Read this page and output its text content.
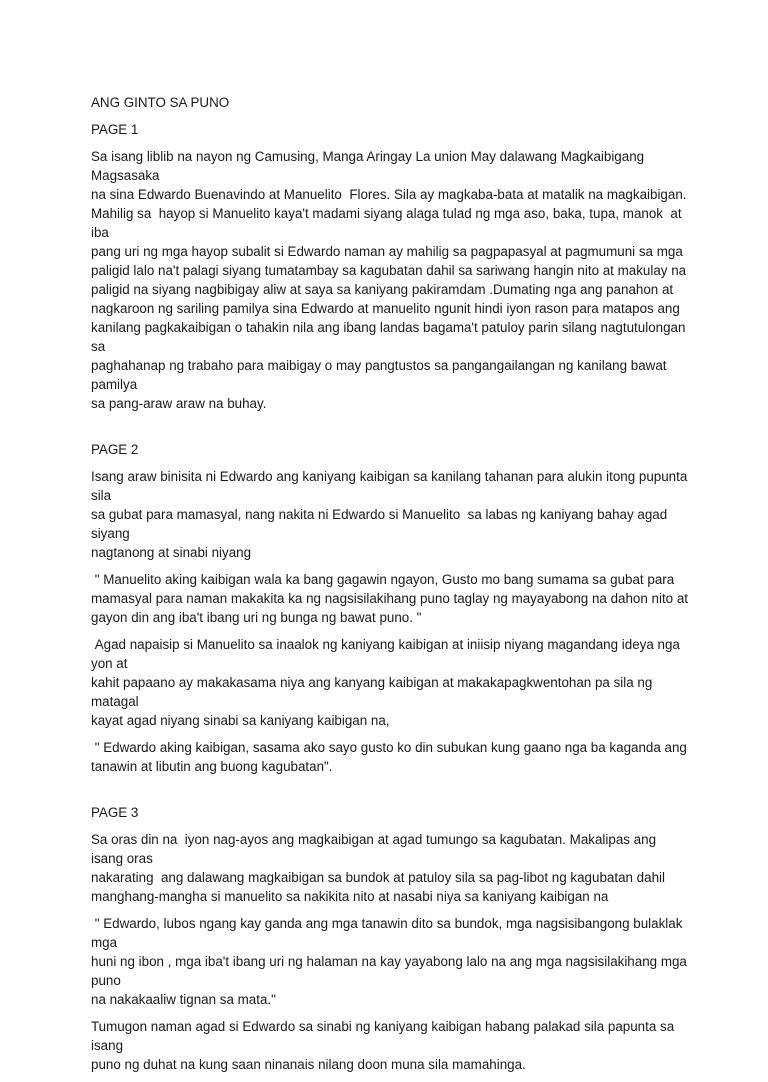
ANG GINTO SA PUNO

PAGE 1

Sa isang liblib na nayon ng Camusing, Manga Aringay La union May dalawang Magkaibigang Magsasaka
na sina Edwardo Buenavindo at Manuelito  Flores. Sila ay magkaba-bata at matalik na magkaibigan.
Mahilig sa  hayop si Manuelito kaya't madami siyang alaga tulad ng mga aso, baka, tupa, manok  at iba
pang uri ng mga hayop subalit si Edwardo naman ay mahilig sa pagpapasyal at pagmumuni sa mga
paligid lalo na't palagi siyang tumatambay sa kagubatan dahil sa sariwang hangin nito at makulay na
paligid na siyang nagbibigay aliw at saya sa kaniyang pakiramdam .Dumating nga ang panahon at
nagkaroon ng sariling pamilya sina Edwardo at manuelito ngunit hindi iyon rason para matapos ang
kanilang pagkakaibigan o tahakin nila ang ibang landas bagama't patuloy parin silang nagtutulongan sa
paghahanap ng trabaho para maibigay o may pangtustos sa pangangailangan ng kanilang bawat pamilya
sa pang-araw araw na buhay.

PAGE 2

Isang araw binisita ni Edwardo ang kaniyang kaibigan sa kanilang tahanan para alukin itong pupunta sila
sa gubat para mamasyal, nang nakita ni Edwardo si Manuelito  sa labas ng kaniyang bahay agad siyang
nagtanong at sinabi niyang

" Manuelito aking kaibigan wala ka bang gagawin ngayon, Gusto mo bang sumama sa gubat para
mamasyal para naman makakita ka ng nagsisilakihang puno taglay ng mayayabong na dahon nito at
gayon din ang iba't ibang uri ng bunga ng bawat puno. "

Agad napaisip si Manuelito sa inaalok ng kaniyang kaibigan at iniisip niyang magandang ideya nga yon at
kahit papaano ay makakasama niya ang kanyang kaibigan at makakapagkwentohan pa sila ng matagal
kayat agad niyang sinabi sa kaniyang kaibigan na,

" Edwardo aking kaibigan, sasama ako sayo gusto ko din subukan kung gaano nga ba kaganda ang
tanawin at libutin ang buong kagubatan".

PAGE 3

Sa oras din na  iyon nag-ayos ang magkaibigan at agad tumungo sa kagubatan. Makalipas ang isang oras
nakarating  ang dalawang magkaibigan sa bundok at patuloy sila sa pag-libot ng kagubatan dahil
manghang-mangha si manuelito sa nakikita nito at nasabi niya sa kaniyang kaibigan na

" Edwardo, lubos ngang kay ganda ang mga tanawin dito sa bundok, mga nagsisibangong bulaklak mga
huni ng ibon , mga iba't ibang uri ng halaman na kay yayabong lalo na ang mga nagsisilakihang mga puno
na nakakaaliw tignan sa mata."

Tumugon naman agad si Edwardo sa sinabi ng kaniyang kaibigan habang palakad sila papunta sa isang
puno ng duhat na kung saan ninanais nilang doon muna sila mamahinga.
